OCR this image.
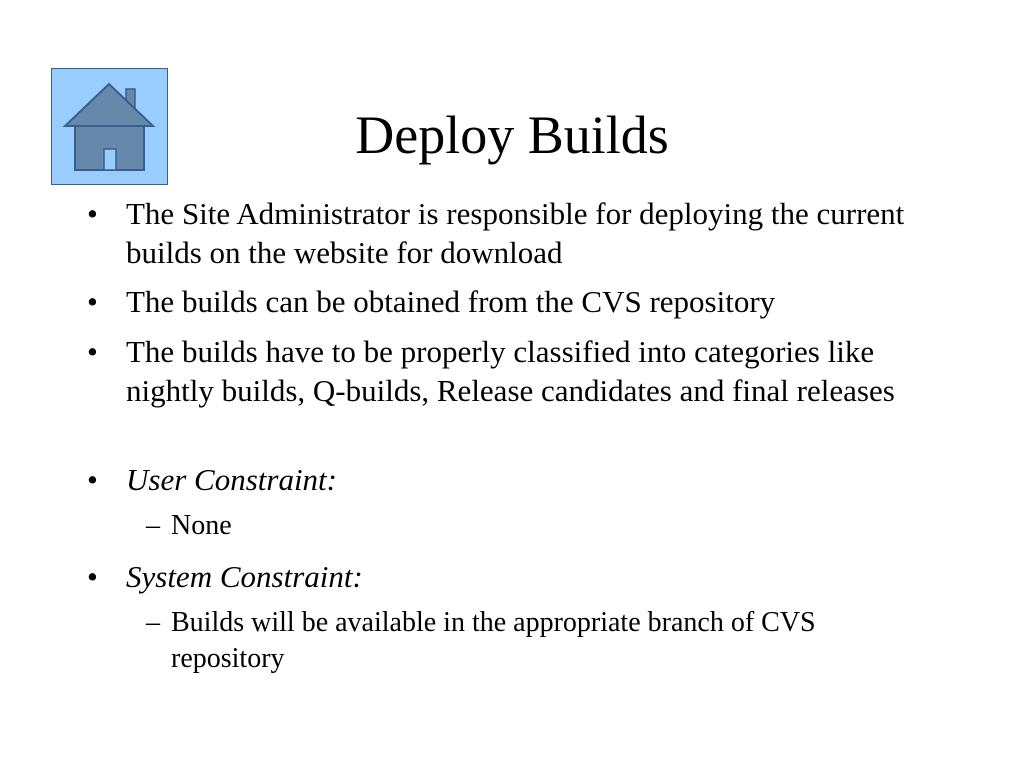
Deploy Builds
• The Site Administrator is responsible for deploying the current builds on the website for download
• The builds can be obtained from the CVS repository
• The builds have to be properly classified into categories like nightly builds, Q-builds, Release candidates and final releases
• User Constraint:
– None
• System Constraint:
– Builds will be available in the appropriate branch of CVS repository
